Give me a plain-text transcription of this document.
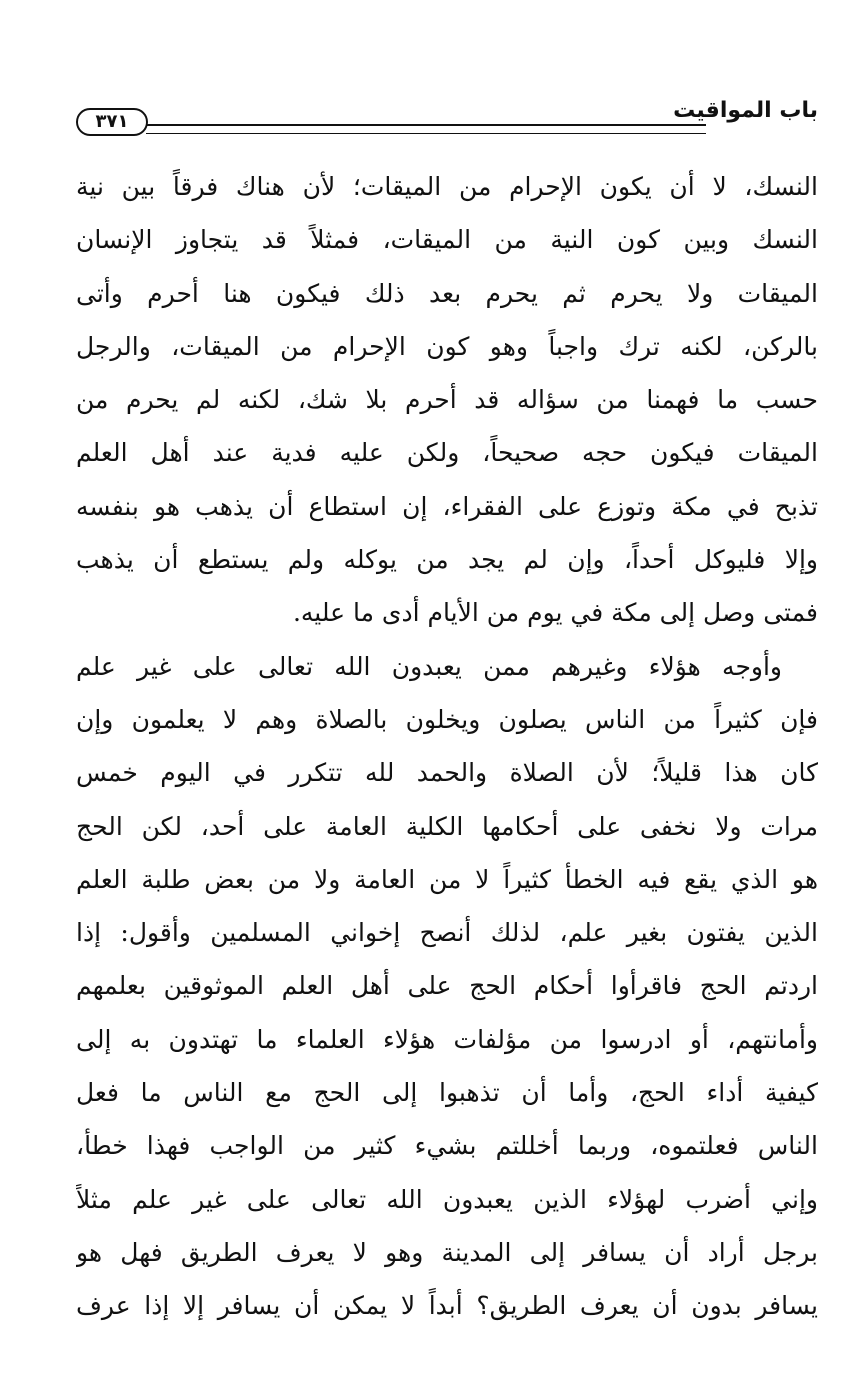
باب المواقيت
٣٧١
النسك، لا أن يكون الإحرام من الميقات؛ لأن هناك فرقاً بين نية
النسك وبين كون النية من الميقات، فمثلاً قد يتجاوز الإنسان
الميقات ولا يحرم ثم يحرم بعد ذلك فيكون هنا أحرم وأتى
بالركن، لكنه ترك واجباً وهو كون الإحرام من الميقات، والرجل
حسب ما فهمنا من سؤاله قد أحرم بلا شك، لكنه لم يحرم من
الميقات فيكون حجه صحيحاً، ولكن عليه فدية عند أهل العلم
تذبح في مكة وتوزع على الفقراء، إن استطاع أن يذهب هو بنفسه
وإلا فليوكل أحداً، وإن لم يجد من يوكله ولم يستطع أن يذهب
فمتى وصل إلى مكة في يوم من الأيام أدى ما عليه.
وأوجه هؤلاء وغيرهم ممن يعبدون الله تعالى على غير علم
فإن كثيراً من الناس يصلون ويخلون بالصلاة وهم لا يعلمون وإن
كان هذا قليلاً؛ لأن الصلاة والحمد لله تتكرر في اليوم خمس
مرات ولا نخفى على أحكامها الكلية العامة على أحد، لكن الحج
هو الذي يقع فيه الخطأ كثيراً لا من العامة ولا من بعض طلبة العلم
الذين يفتون بغير علم، لذلك أنصح إخواني المسلمين وأقول: إذا
اردتم الحج فاقرأوا أحكام الحج على أهل العلم الموثوقين بعلمهم
وأمانتهم، أو ادرسوا من مؤلفات هؤلاء العلماء ما تهتدون به إلى
كيفية أداء الحج، وأما أن تذهبوا إلى الحج مع الناس ما فعل
الناس فعلتموه، وربما أخللتم بشيء كثير من الواجب فهذا خطأ،
وإني أضرب لهؤلاء الذين يعبدون الله تعالى على غير علم مثلاً
برجل أراد أن يسافر إلى المدينة وهو لا يعرف الطريق فهل هو
يسافر بدون أن يعرف الطريق؟ أبداً لا يمكن أن يسافر إلا إذا عرف
